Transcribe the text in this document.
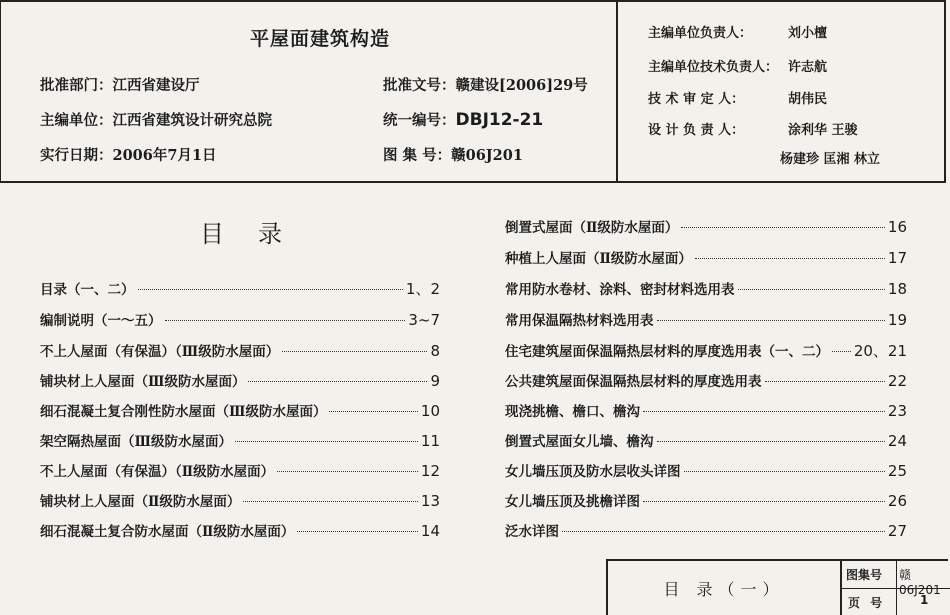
平屋面建筑构造
批准部门：江西省建设厅	批准文号：赣建设[2006]29号
主编单位：江西省建筑设计研究总院	统一编号：DBJ12-21
实行日期：2006年7月1日	图 集 号：赣06J201
主编单位负责人：	刘小檀
主编单位技术负责人： 许志航
技 术 审 定 人：	胡伟民
设 计 负 责 人：	涂利华 王骏
杨建珍 匡湘 林立
目录
目录（一、二）	1、2
编制说明（一～五）	3~7
不上人屋面（有保温）（Ⅲ级防水屋面）	8
铺块材上人屋面（Ⅲ级防水屋面）	9
细石混凝土复合刚性防水屋面（Ⅲ级防水屋面）	10
架空隔热屋面（Ⅲ级防水屋面）	11
不上人屋面（有保温）（Ⅱ级防水屋面）	12
铺块材上人屋面（Ⅱ级防水屋面）	13
细石混凝土复合防水屋面（Ⅱ级防水屋面）	14
倒置式屋面（Ⅱ级防水屋面）	16
种植上人屋面（Ⅱ级防水屋面）	17
常用防水卷材、涂料、密封材料选用表	18
常用保温隔热材料选用表	19
住宅建筑屋面保温隔热层材料的厚度选用表（一、二） 20、21
公共建筑屋面保温隔热层材料的厚度选用表	22
现浇挑檐、檐口、檐沟	23
倒置式屋面女儿墙、檐沟	24
女儿墙压顶及防水层收头详图	25
女儿墙压顶及挑檐详图	26
泛水详图	27
目 录（一）
图集号 赣06J201
页 号	1
